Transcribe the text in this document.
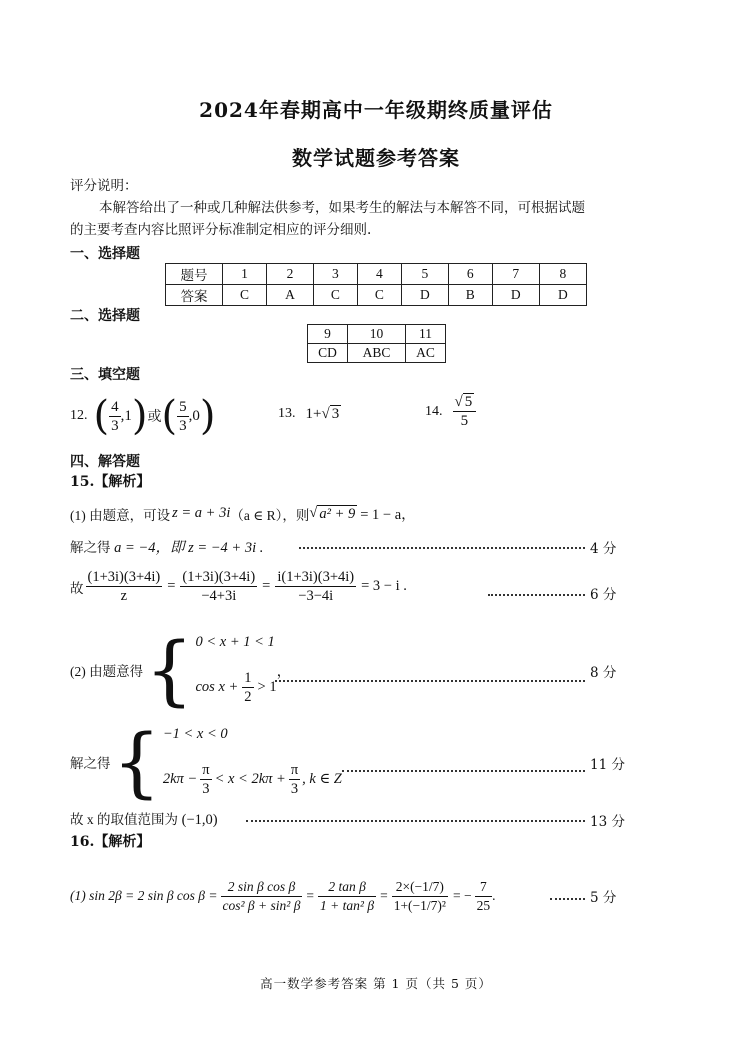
2024年春期高中一年级期终质量评估
数学试题参考答案
评分说明：
本解答给出了一种或几种解法供参考，如果考生的解法与本解答不同，可根据试题
的主要考查内容比照评分标准制定相应的评分细则.
一、选择题
题号	1	2	3	4	5	6	7	8
答案	C	A	C	C	D	B	D	D
二、选择题
9	10	11
CD	ABC	AC
三、填空题
12. ( $\frac{4}{3}$ , 1 ) 或 ( $\frac{5}{3}$ , 0 )	13. 1+ √ 3	14. $\frac{√ 5}{5}$
四、解答题
15.【解析】
(1) 由题意，可设 z = a + 3i （a ∈ R），则 √ a² + 9 = 1 − a，
解之得 a = −4，即 z = −4 + 3i .	4 分
故 $\frac{(1+3i)(3+4i)}{z} = \frac{(1+3i)(3+4i)}{-4+3i} = \frac{i(1+3i)(3+4i)}{-3-4i} = 3 - i$ .
6 分
(2) 由题意得 { 0 < x + 1 < 1
$\cos x + \frac{1}{2} > 1$
，	8 分
解之得 { −1 < x < 0
$2k\pi - \frac{\pi}{3} < x < 2k\pi + \frac{\pi}{3}$ , k ∈ Z
11 分
故 x 的取值范围为 (−1,0)	13 分
16.【解析】
(1) sin 2β = 2 sin β $\cos \beta = \frac{\text{2 sin β cos β}}{\text{cos² β + sin² β}} = \frac{\text{2 tan β}}{\text{1 + tan² β}} = \frac{2\times(-1/7)}{\text{1+(−1/7)²}}$ = − $\frac{7}{25}$ .	5 分
高一数学参考答案 第 1 页（共 5 页）
